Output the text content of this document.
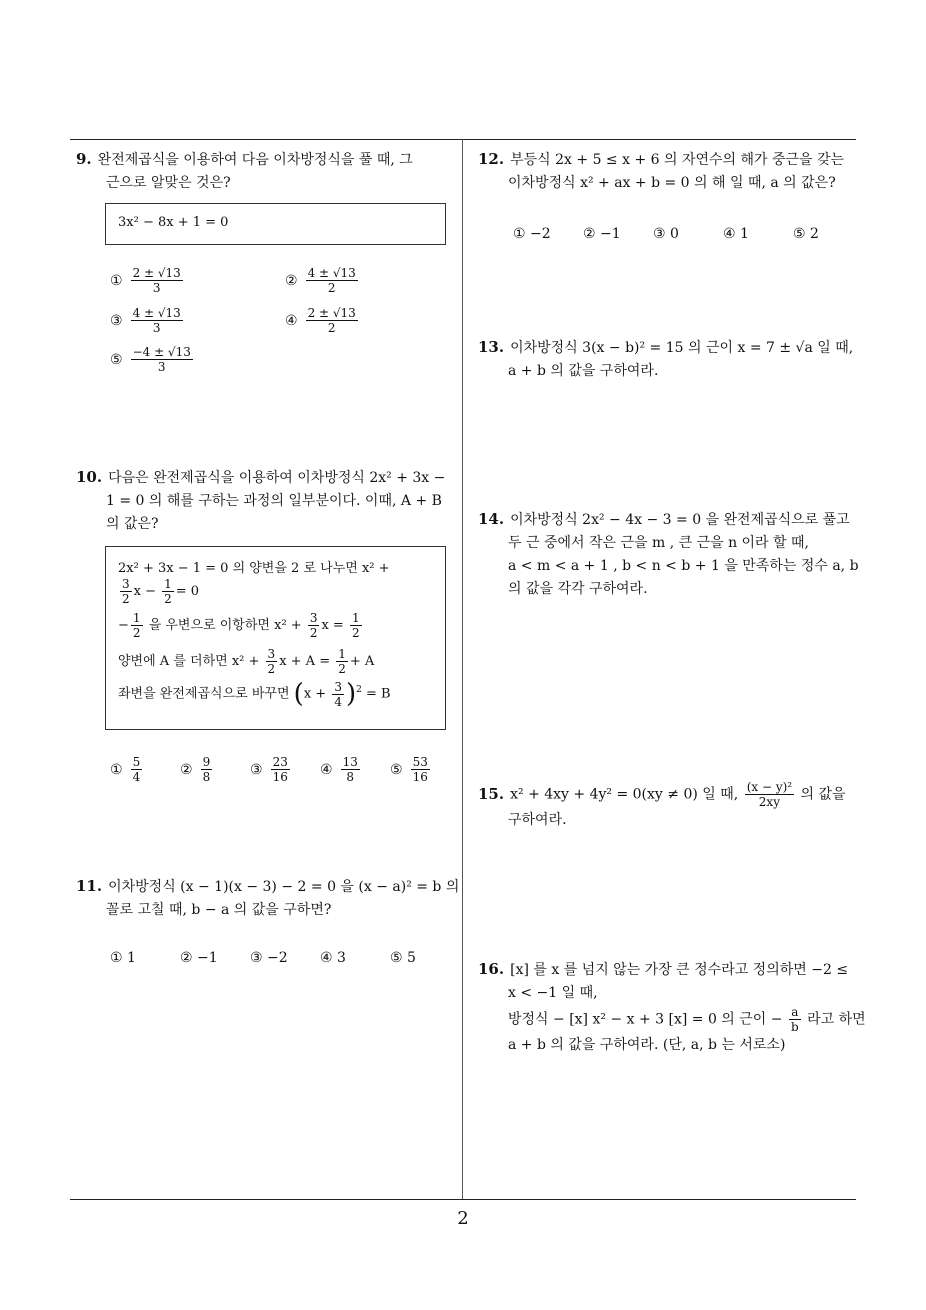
2
9. 완전제곱식을 이용하여 다음 이차방정식을 풀 때, 그
근으로 알맞은 것은?
3x² − 8x + 1 = 0
① $\frac{2 \pm √13}{3}$	② $\frac{4 \pm √13}{2}$
③ $\frac{4 \pm √13}{3}$	④ $\frac{2 \pm √13}{2}$
⑤ $\frac{-4 \pm √13}{3}$
10. 다음은 완전제곱식을 이용하여 이차방정식 2x² + 3x −
1 = 0 의 해를 구하는 과정의 일부분이다. 이때, A + B
의 값은?
2x² + 3x − 1 = 0 의 양변을 2 로 나누면 x² +
$\frac{3}{2}$ $x - \frac{1}{2} = 0$
− $\frac{1}{2}$ 을 우변으로 이항하면 $x^2 + \frac{3}{2}$ $x = \frac{1}{2}$
양변에 A 를 더하면 $x^2 + \frac{3}{2}$ $x + A = \frac{1}{2} + A$
좌변을 완전제곱식으로 바꾸면 $(x + \frac{3}{4} )^2 = B$
① $\frac{5}{4}$	② $\frac{9}{8}$	③ $\frac{23}{16}$ ④ $\frac{13}{8}$ ⑤ $\frac{53}{16}$
11. 이차방정식 (x − 1)(x − 3) − 2 = 0 을 (x − a)² = b 의
꼴로 고칠 때, b − a 의 값을 구하면?
① 1	② −1 ③ −2 ④ 3	⑤ 5
12. 부등식 2x + 5 ≤ x + 6 의 자연수의 해가 중근을 갖는
이차방정식 x² + ax + b = 0 의 해 일 때, a 의 값은?
① −2 ② −1 ③ 0	④ 1	⑤ 2
13. 이차방정식 3(x − b)² = 15 의 근이 x = 7 ± √a 일 때,
a + b 의 값을 구하여라.
14. 이차방정식 2x² − 4x − 3 = 0 을 완전제곱식으로 풀고
두 근 중에서 작은 근을 m , 큰 근을 n 이라 할 때,
a < m < a + 1 , b < n < b + 1 을 만족하는 정수 a, b
의 값을 각각 구하여라.
15. x² + 4xy + 4y² = 0(xy ≠ 0) 일 때, $\frac{\text{(x − y)²}}{2xy}$ 의 값을
구하여라.
16. [x] 를 x 를 넘지 않는 가장 큰 정수라고 정의하면 −2 ≤
x < −1 일 때,
방정식 − [x] x² − x + 3 [x] = 0 의 근이 − $\frac{a}{b}$ 라고 하면
a + b 의 값을 구하여라. (단, a, b 는 서로소)
